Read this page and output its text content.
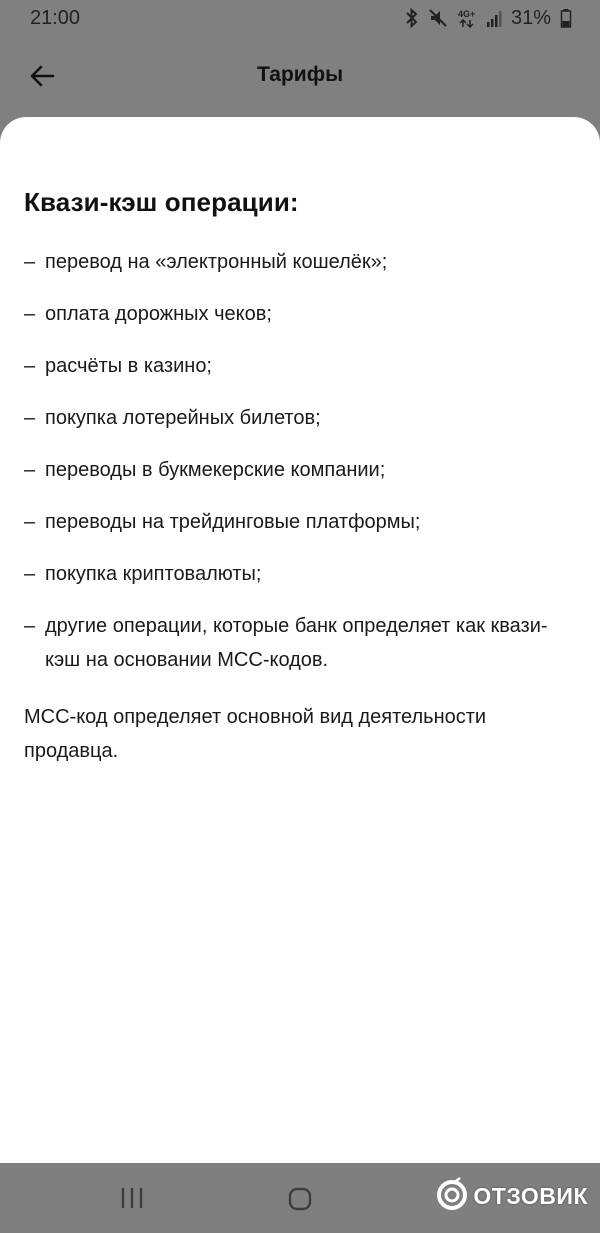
21:00	4G+ 31%
Тарифы
Квази-кэш операции:
– перевод на «электронный кошелёк»;
– оплата дорожных чеков;
– расчёты в казино;
– покупка лотерейных билетов;
– переводы в букмекерские компании;
– переводы на трейдинговые платформы;
– покупка криптовалюты;
– другие операции, которые банк определяет как квази-кэш на основании МСС-кодов.

МСС-код определяет основной вид деятельности продавца.

ОТЗОВИК
